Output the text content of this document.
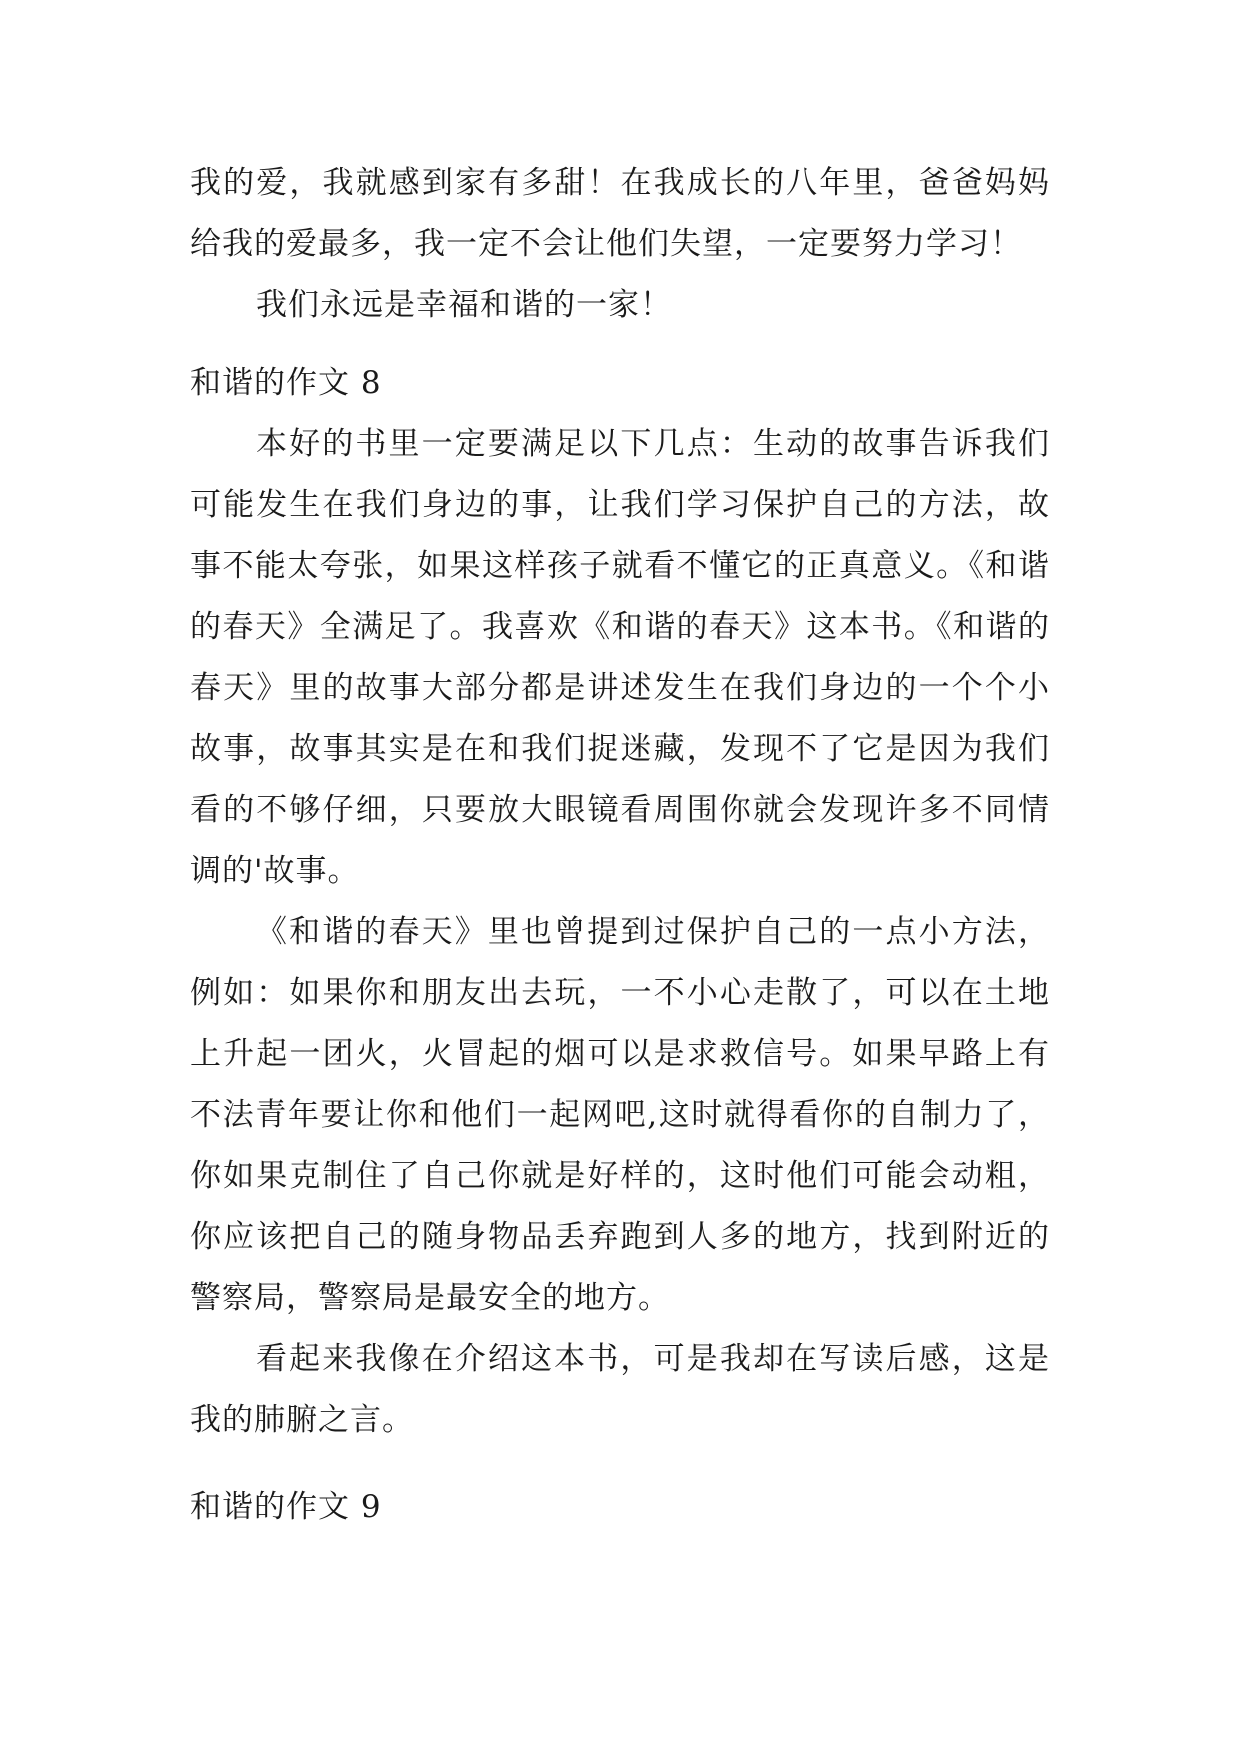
我的爱，我就感到家有多甜！在我成长的八年里，爸爸妈妈给我的爱最多，我一定不会让他们失望，一定要努力学习！

我们永远是幸福和谐的一家！

和谐的作文 8

本好的书里一定要满足以下几点：生动的故事告诉我们可能发生在我们身边的事，让我们学习保护自己的方法，故事不能太夸张，如果这样孩子就看不懂它的正真意义。《和谐的春天》全满足了。我喜欢《和谐的春天》这本书。《和谐的春天》里的故事大部分都是讲述发生在我们身边的一个个小故事，故事其实是在和我们捉迷藏，发现不了它是因为我们看的不够仔细，只要放大眼镜看周围你就会发现许多不同情调的'故事。

《和谐的春天》里也曾提到过保护自己的一点小方法，例如：如果你和朋友出去玩，一不小心走散了，可以在土地上升起一团火，火冒起的烟可以是求救信号。如果早路上有不法青年要让你和他们一起网吧,这时就得看你的自制力了，你如果克制住了自己你就是好样的，这时他们可能会动粗，你应该把自己的随身物品丢弃跑到人多的地方，找到附近的警察局，警察局是最安全的地方。

看起来我像在介绍这本书，可是我却在写读后感，这是我的肺腑之言。

和谐的作文 9
